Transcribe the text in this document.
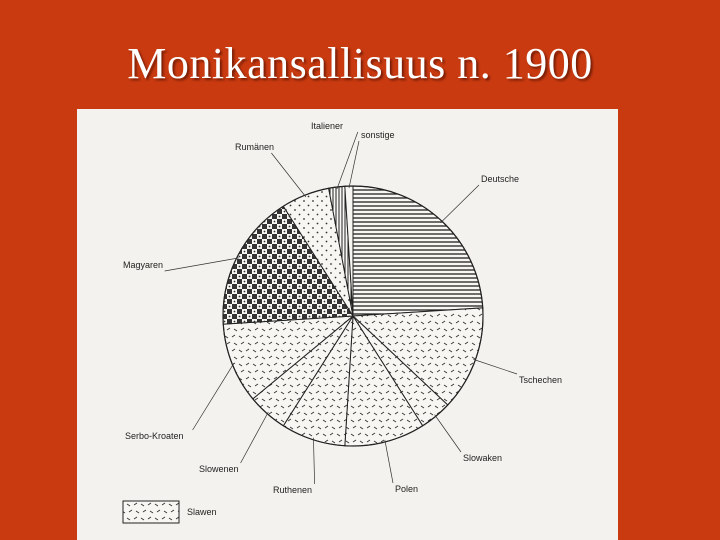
Monikansallisuus n. 1900
Deutsche
Tschechen
Slowaken
Polen
Ruthenen
Slowenen
Serbo-Kroaten
Magyaren
Rumänen
Italiener
sonstige
Slawen
